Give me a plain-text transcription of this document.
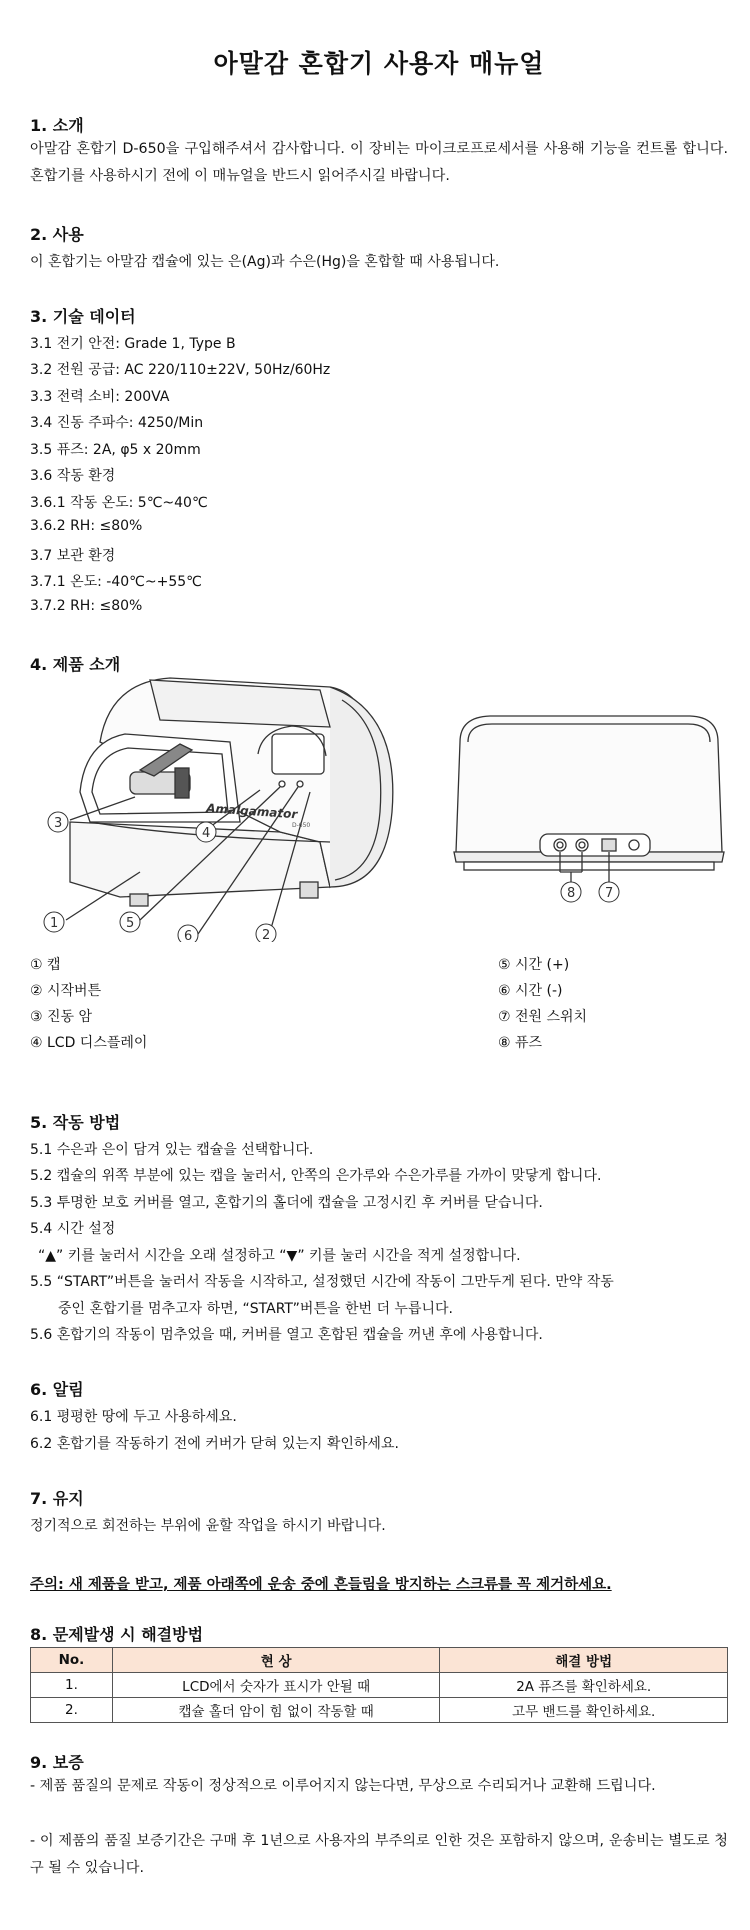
아말감 혼합기 사용자 매뉴얼
1. 소개
아말감 혼합기 D-650을 구입해주셔서 감사합니다. 이 장비는 마이크로프로세서를 사용해 기능을 컨트롤 합니다. 혼합기를 사용하시기 전에 이 매뉴얼을 반드시 읽어주시길 바랍니다.
2. 사용
이 혼합기는 아말감 캡슐에 있는 은(Ag)과 수은(Hg)을 혼합할 때 사용됩니다.
3. 기술 데이터
3.1 전기 안전: Grade 1, Type B
3.2 전원 공급: AC 220/110±22V, 50Hz/60Hz
3.3 전력 소비: 200VA
3.4 진동 주파수: 4250/Min
3.5 퓨즈: 2A, φ5 x 20mm
3.6 작동 환경
3.6.1 작동 온도: 5℃~40℃
3.6.2 RH: ≤80%
3.7 보관 환경
3.7.1 온도: -40℃~+55℃
3.7.2 RH: ≤80%
4. 제품 소개
Amalgamator
D-650
1
3
4
5
6	2
8 7
① 캡
② 시작버튼
③ 진동 암
④ LCD 디스플레이
⑤ 시간 (+)
⑥ 시간 (-)
⑦ 전원 스위치
⑧ 퓨즈
5. 작동 방법
5.1 수은과 은이 담겨 있는 캡슐을 선택합니다.
5.2 캡슐의 위쪽 부분에 있는 캡을 눌러서, 안쪽의 은가루와 수은가루를 가까이 맞닿게 합니다.
5.3 투명한 보호 커버를 열고, 혼합기의 홀더에 캡슐을 고정시킨 후 커버를 닫습니다.
5.4 시간 설정
“▲” 키를 눌러서 시간을 오래 설정하고 “▼” 키를 눌러 시간을 적게 설정합니다.
5.5 “START”버튼을 눌러서 작동을 시작하고, 설정했던 시간에 작동이 그만두게 된다. 만약 작동
중인 혼합기를 멈추고자 하면, “START”버튼을 한번 더 누릅니다.
5.6 혼합기의 작동이 멈추었을 때, 커버를 열고 혼합된 캡슐을 꺼낸 후에 사용합니다.
6. 알림
6.1 평평한 땅에 두고 사용하세요.
6.2 혼합기를 작동하기 전에 커버가 닫혀 있는지 확인하세요.
7. 유지
정기적으로 회전하는 부위에 윤할 작업을 하시기 바랍니다.
주의: 새 제품을 받고, 제품 아래쪽에 운송 중에 흔들림을 방지하는 스크류를 꼭 제거하세요.
8. 문제발생 시 해결방법
No.	현 상	해결 방법
1.	LCD에서 숫자가 표시가 안될 때	2A 퓨즈를 확인하세요.
2.	캡슐 홀더 암이 힘 없이 작동할 때	고무 밴드를 확인하세요.
9. 보증
- 제품 품질의 문제로 작동이 정상적으로 이루어지지 않는다면, 무상으로 수리되거나 교환해 드립니다.
- 이 제품의 품질 보증기간은 구매 후 1년으로 사용자의 부주의로 인한 것은 포함하지 않으며, 운송비는 별도로 청구 될 수 있습니다.
